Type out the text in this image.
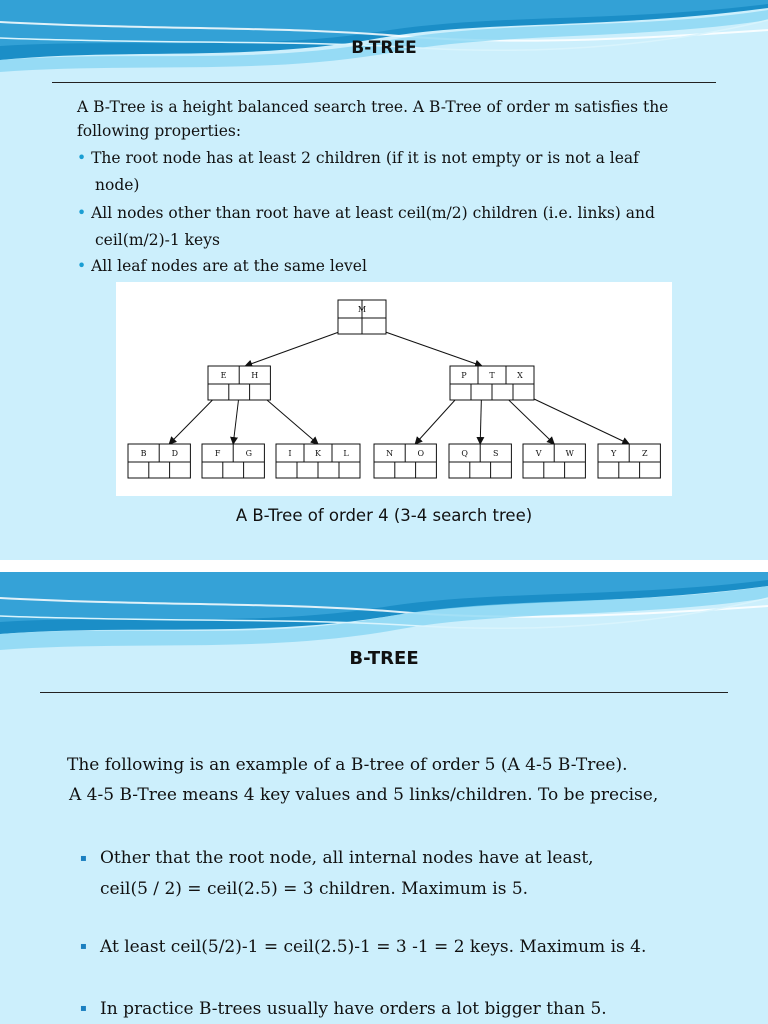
B-TREE
A B-Tree is a height balanced search tree. A B-Tree of order m satisfies the
following properties:
• The root node has at least 2 children (if it is not empty or is not a leaf
node)
• All nodes other than root have at least ceil(m/2) children (i.e. links) and
ceil(m/2)-1 keys
• All leaf nodes are at the same level
M
E	H	P	T	X
B	D	F	G	I	K	L	N	O	Q	S	V	W	Y	Z
A B-Tree of order 4 (3-4 search tree)
B-TREE
The following is an example of a B-tree of order 5 (A 4-5 B-Tree).
A 4-5 B-Tree means 4 key values and 5 links/children. To be precise,
▪ Other that the root node, all internal nodes have at least,
ceil(5 / 2) = ceil(2.5) = 3 children. Maximum is 5.
▪ At least ceil(5/2)-1 = ceil(2.5)-1 = 3 -1 = 2 keys. Maximum is 4.
▪ In practice B-trees usually have orders a lot bigger than 5.
